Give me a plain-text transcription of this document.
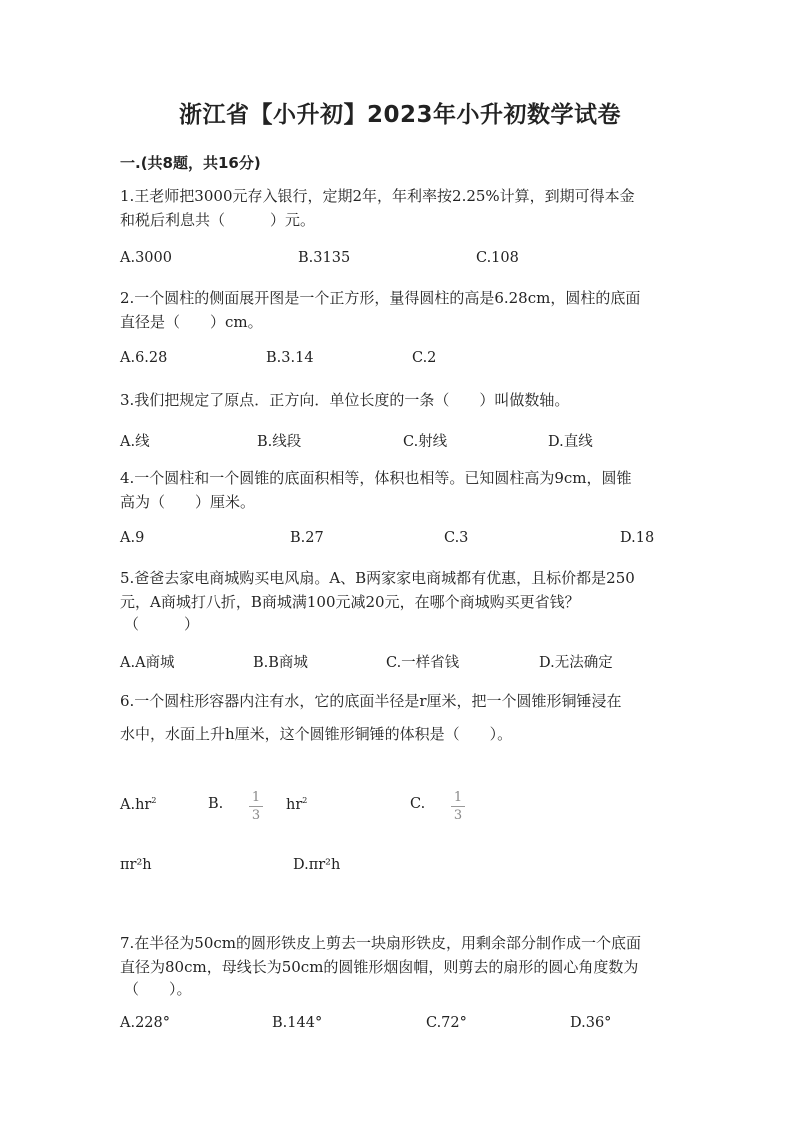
浙江省【小升初】2023年小升初数学试卷
一.(共8题，共16分)
1.王老师把3000元存入银行，定期2年，年利率按2.25%计算，到期可得本金
和税后利息共（　　　）元。
A.3000	B.3135	C.108
2.一个圆柱的侧面展开图是一个正方形，量得圆柱的高是6.28cm，圆柱的底面
直径是（　　）cm。
A.6.28	B.3.14	C.2
3.我们把规定了原点．正方向．单位长度的一条（　　）叫做数轴。
A.线	B.线段	C.射线	D.直线
4.一个圆柱和一个圆锥的底面积相等，体积也相等。已知圆柱高为9cm，圆锥
高为（　　）厘米。
A.9	B.27	C.3	D.18
5.爸爸去家电商城购买电风扇。A、B两家家电商城都有优惠，且标价都是250
元，A商城打八折，B商城满100元减20元，在哪个商城购买更省钱？
（　　　）
A.A商城	B.B商城	C.一样省钱	D.无法确定
6.一个圆柱形容器内注有水，它的底面半径是r厘米，把一个圆锥形铜锤浸在
水中，水面上升h厘米，这个圆锥形铜锤的体积是（　　）。
$A.hr^2$	B. 1
3
$hr^2$	C. 1
3
πr²h	D.πr²h
7.在半径为50cm的圆形铁皮上剪去一块扇形铁皮，用剩余部分制作成一个底面
直径为80cm，母线长为50cm的圆锥形烟囱帽，则剪去的扇形的圆心角度数为
（　　）。
A.228°	B.144°	C.72°	D.36°
